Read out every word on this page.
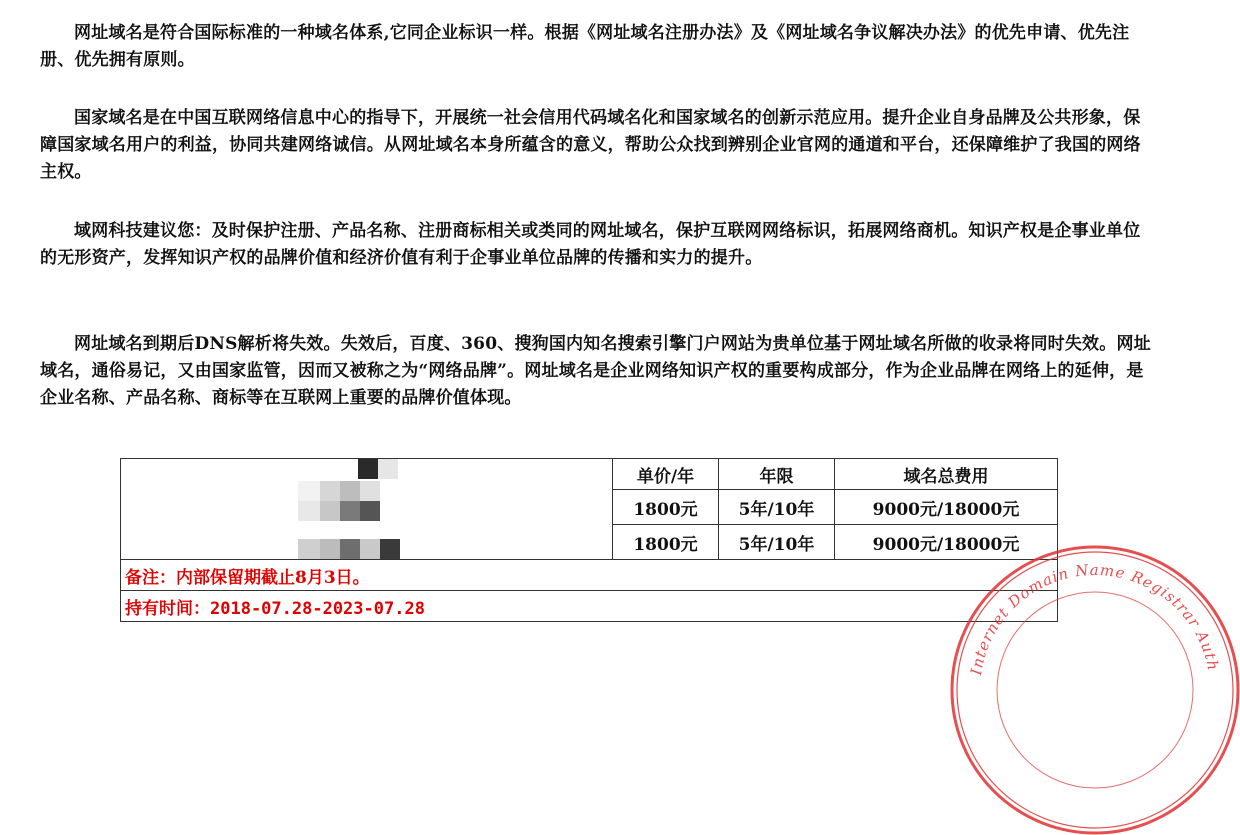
网址域名是符合国际标准的一种域名体系,它同企业标识一样。根据《网址域名注册办法》及《网址域名争议解决办法》的优先申请、优先注册、优先拥有原则。

国家域名是在中国互联网络信息中心的指导下，开展统一社会信用代码域名化和国家域名的创新示范应用。提升企业自身品牌及公共形象，保障国家域名用户的利益，协同共建网络诚信。从网址域名本身所蕴含的意义，帮助公众找到辨别企业官网的通道和平台，还保障维护了我国的网络主权。

域网科技建议您：及时保护注册、产品名称、注册商标相关或类同的网址域名，保护互联网网络标识，拓展网络商机。知识产权是企事业单位的无形资产，发挥知识产权的品牌价值和经济价值有利于企事业单位品牌的传播和实力的提升。

网址域名到期后DNS解析将失效。失效后，百度、360、搜狗国内知名搜索引擎门户网站为贵单位基于网址域名所做的收录将同时失效。网址域名，通俗易记，又由国家监管，因而又被称之为“网络品牌”。网址域名是企业网络知识产权的重要构成部分，作为企业品牌在网络上的延伸，是企业名称、产品名称、商标等在互联网上重要的品牌价值体现。

	单价/年	年限	域名总费用
	1800元	5年/10年	9000元/18000元
	1800元	5年/10年	9000元/18000元
备注：内部保留期截止8月3日。			
持有时间：2018-07.28-2023-07.28			
Internet Domain Name Registrar Auth
